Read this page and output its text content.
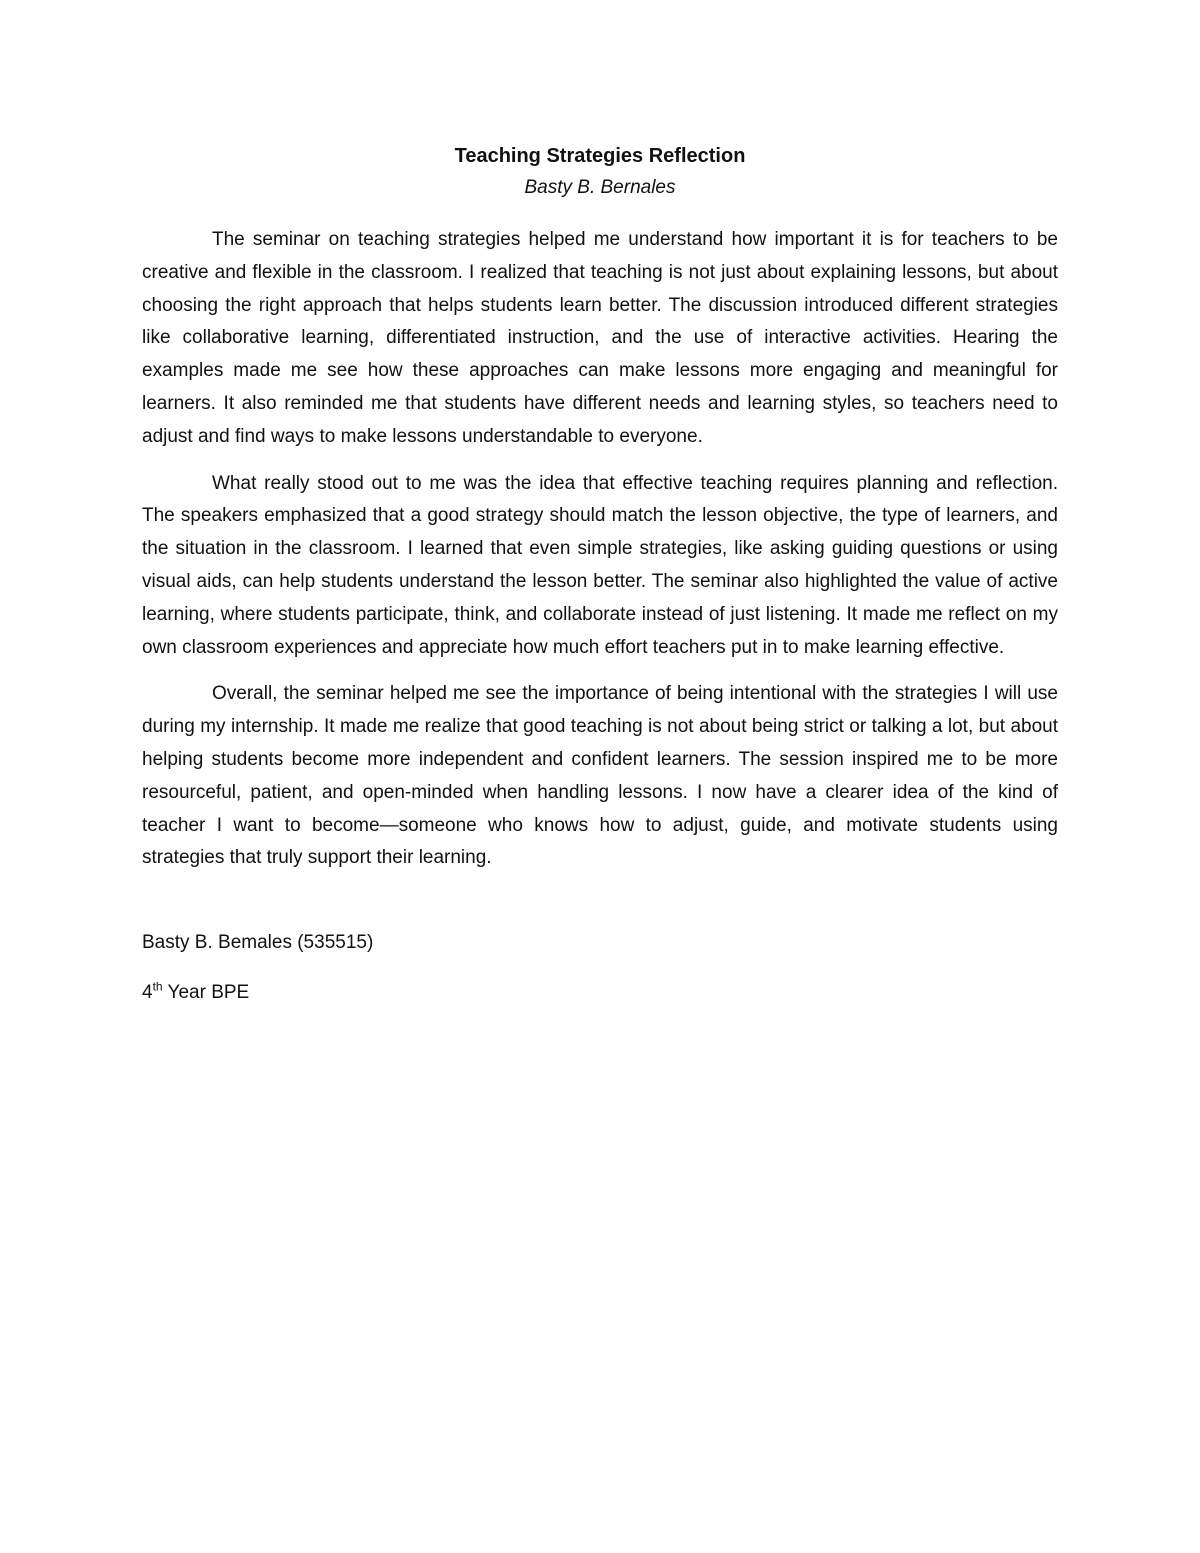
Teaching Strategies Reflection

Basty B. Bernales

The seminar on teaching strategies helped me understand how important it is for teachers to be creative and flexible in the classroom. I realized that teaching is not just about explaining lessons, but about choosing the right approach that helps students learn better. The discussion introduced different strategies like collaborative learning, differentiated instruction, and the use of interactive activities. Hearing the examples made me see how these approaches can make lessons more engaging and meaningful for learners. It also reminded me that students have different needs and learning styles, so teachers need to adjust and find ways to make lessons understandable to everyone.

What really stood out to me was the idea that effective teaching requires planning and reflection. The speakers emphasized that a good strategy should match the lesson objective, the type of learners, and the situation in the classroom. I learned that even simple strategies, like asking guiding questions or using visual aids, can help students understand the lesson better. The seminar also highlighted the value of active learning, where students participate, think, and collaborate instead of just listening. It made me reflect on my own classroom experiences and appreciate how much effort teachers put in to make learning effective.

Overall, the seminar helped me see the importance of being intentional with the strategies I will use during my internship. It made me realize that good teaching is not about being strict or talking a lot, but about helping students become more independent and confident learners. The session inspired me to be more resourceful, patient, and open-minded when handling lessons. I now have a clearer idea of the kind of teacher I want to become—someone who knows how to adjust, guide, and motivate students using strategies that truly support their learning.

Basty B. Bemales (535515)

4th Year BPE
